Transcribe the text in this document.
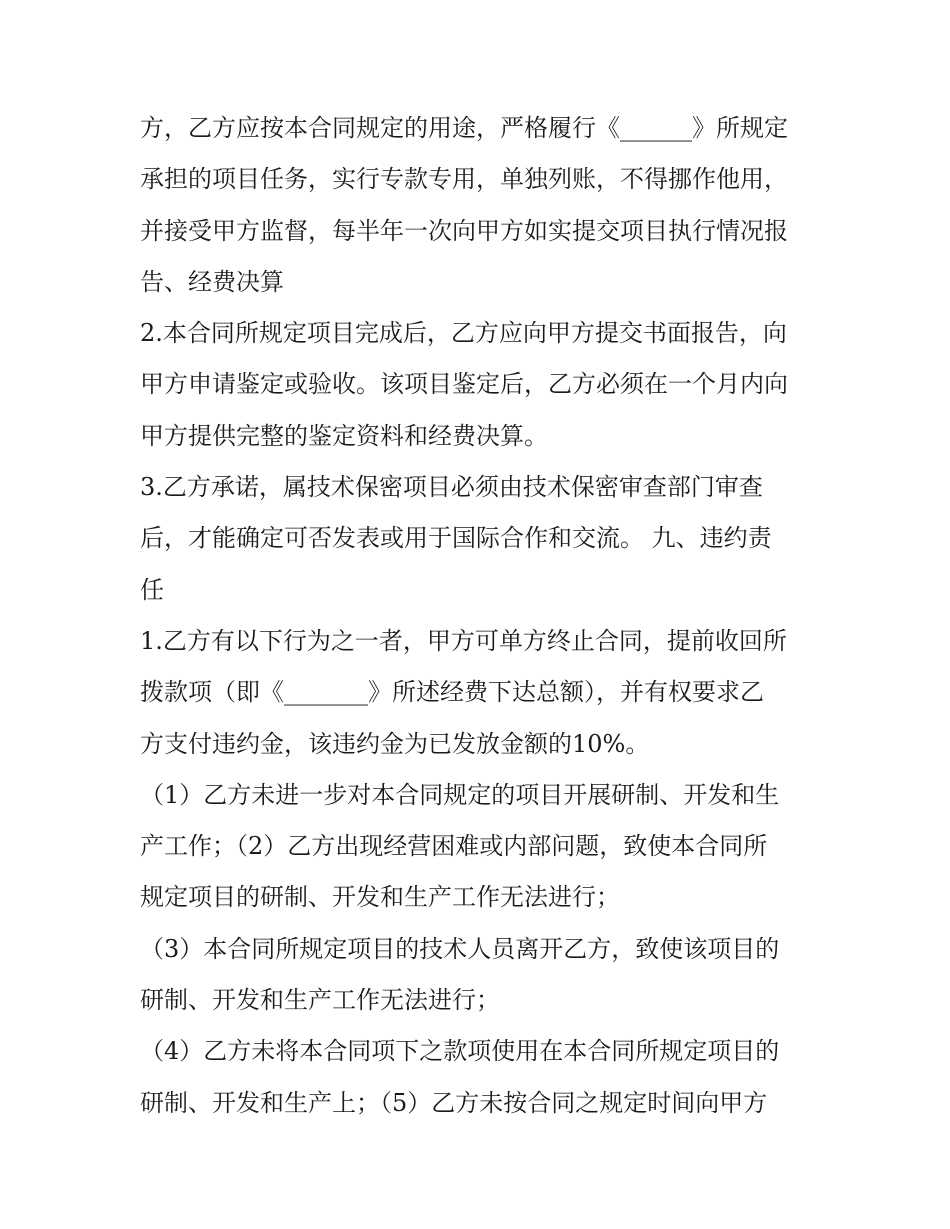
方，乙方应按本合同规定的用途，严格履行《______》所规定
承担的项目任务，实行专款专用，单独列账，不得挪作他用，
并接受甲方监督，每半年一次向甲方如实提交项目执行情况报
告、经费决算
2.本合同所规定项目完成后，乙方应向甲方提交书面报告，向
甲方申请鉴定或验收。该项目鉴定后，乙方必须在一个月内向
甲方提供完整的鉴定资料和经费决算。
3.乙方承诺，属技术保密项目必须由技术保密审查部门审查
后，才能确定可否发表或用于国际合作和交流。 九、违约责
任
1.乙方有以下行为之一者，甲方可单方终止合同，提前收回所
拨款项（即《_______》所述经费下达总额），并有权要求乙
方支付违约金，该违约金为已发放金额的10%。
（1）乙方未进一步对本合同规定的项目开展研制、开发和生
产工作；（2）乙方出现经营困难或内部问题，致使本合同所
规定项目的研制、开发和生产工作无法进行；
（3）本合同所规定项目的技术人员离开乙方，致使该项目的
研制、开发和生产工作无法进行；
（4）乙方未将本合同项下之款项使用在本合同所规定项目的
研制、开发和生产上；（5）乙方未按合同之规定时间向甲方
